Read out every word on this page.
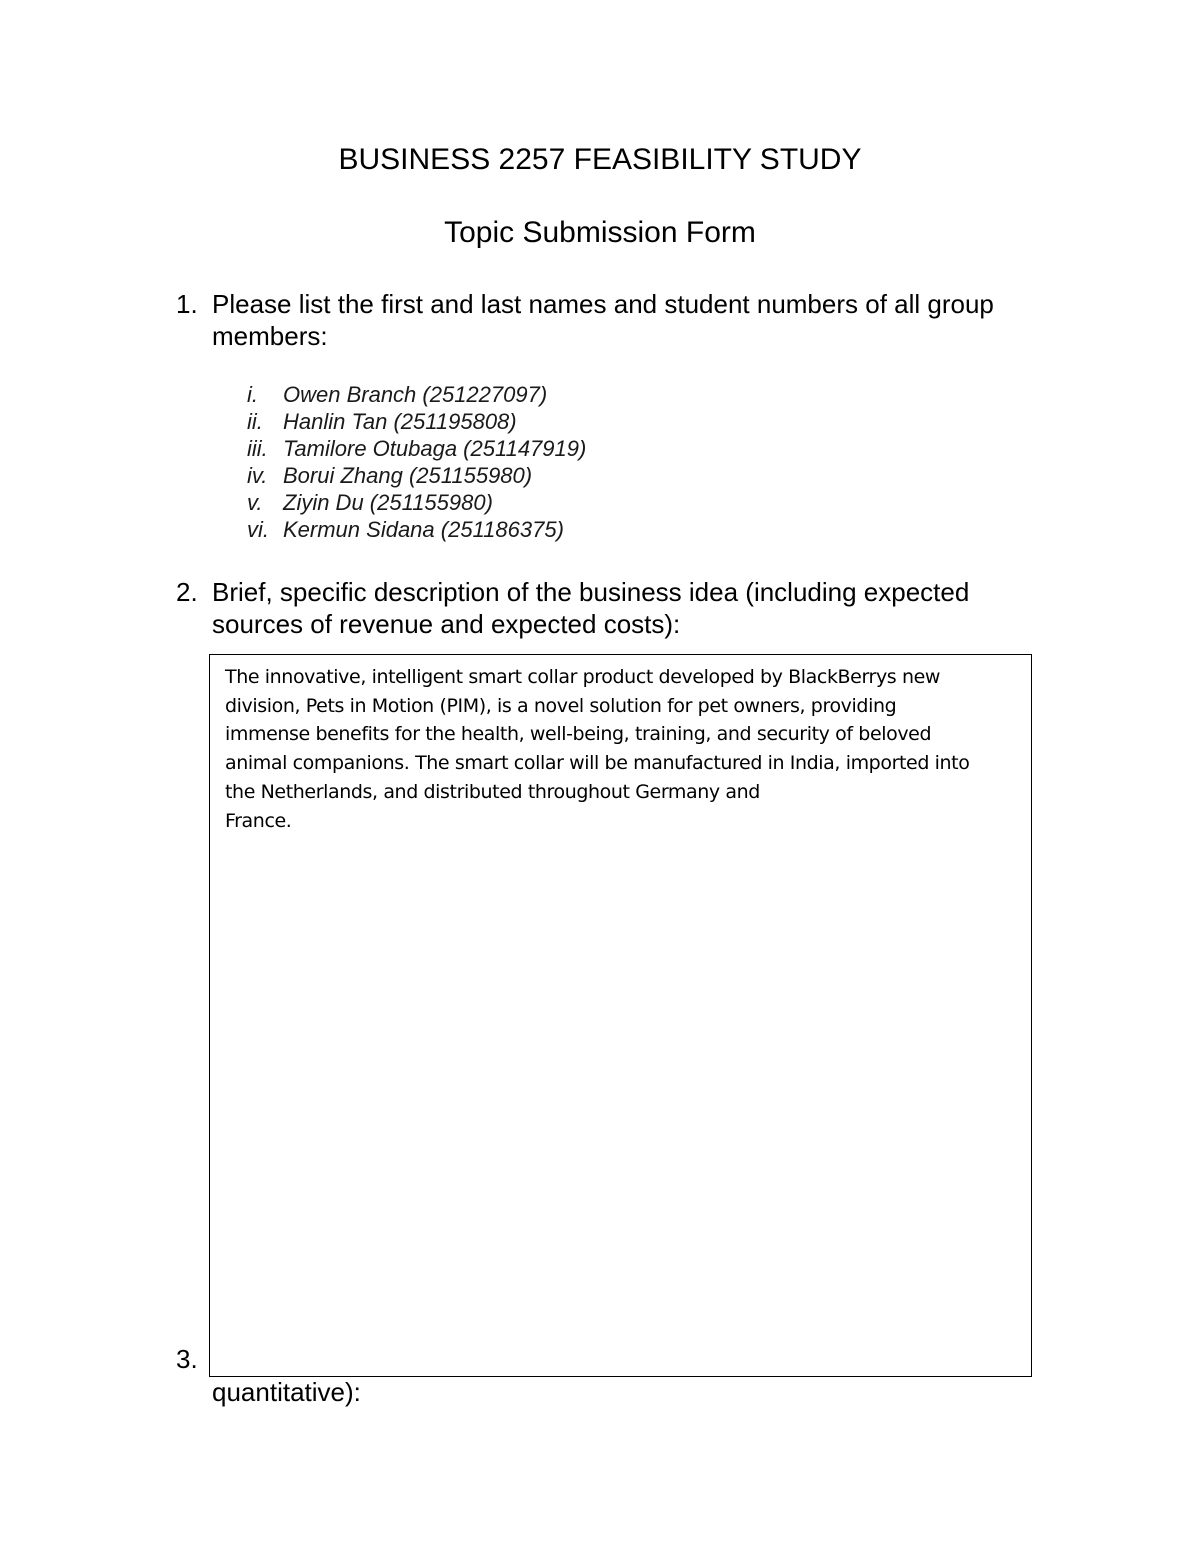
BUSINESS 2257 FEASIBILITY STUDY
Topic Submission Form
1. Please list the first and last names and student numbers of all group members:
i. Owen Branch (251227097)
ii. Hanlin Tan (251195808)
iii. Tamilore Otubaga (251147919)
iv. Borui Zhang (251155980)
v. Ziyin Du (251155980)
vi. Kermun Sidana (251186375)
2. Brief, specific description of the business idea (including expected sources of revenue and expected costs):
3.
quantitative):

The innovative, intelligent smart collar product developed by BlackBerrys new
division, Pets in Motion (PIM), is a novel solution for pet owners, providing
immense benefits for the health, well-being, training, and security of beloved
animal companions. The smart collar will be manufactured in India, imported into
the Netherlands, and distributed throughout Germany and
France.
